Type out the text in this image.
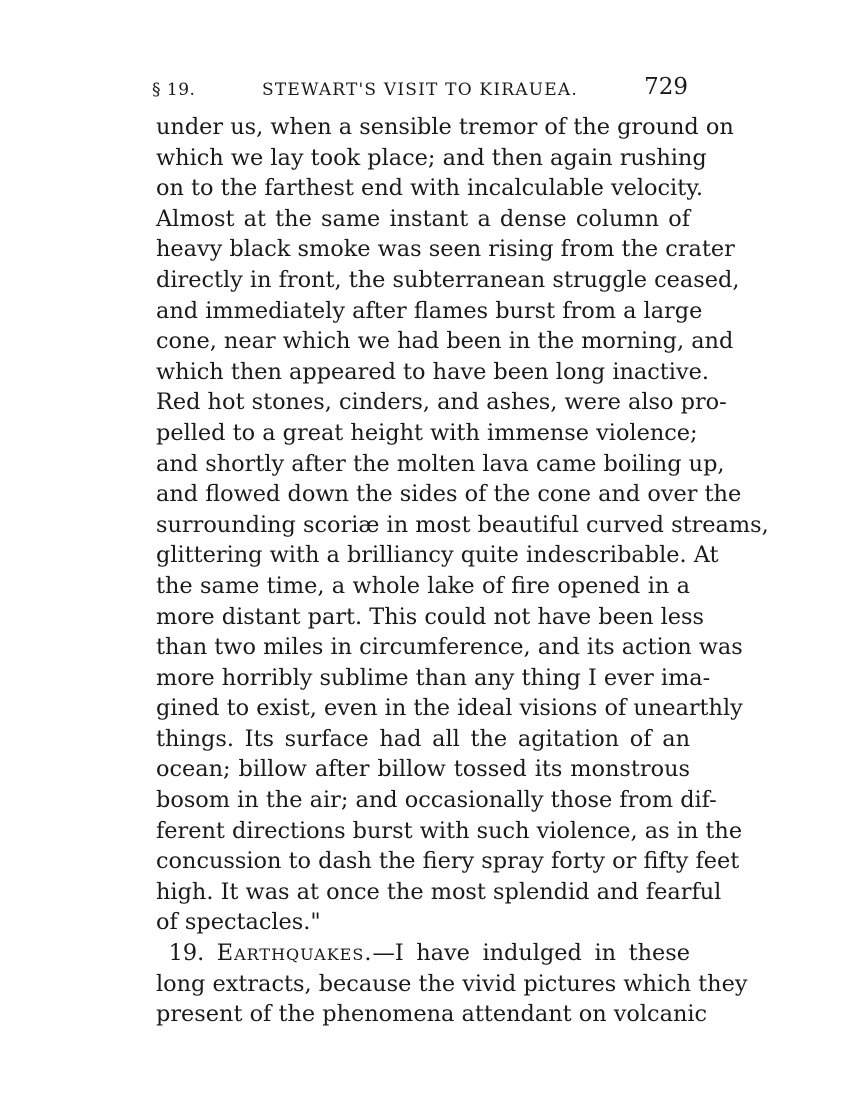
§ 19.	STEWART'S VISIT TO KIRAUEA.	729
under us, when a sensible tremor of the ground on
which we lay took place; and then again rushing
on to the farthest end with incalculable velocity.
Almost at the same instant a dense column of
heavy black smoke was seen rising from the crater
directly in front, the subterranean struggle ceased,
and immediately after flames burst from a large
cone, near which we had been in the morning, and
which then appeared to have been long inactive.
Red hot stones, cinders, and ashes, were also pro-
pelled to a great height with immense violence;
and shortly after the molten lava came boiling up,
and flowed down the sides of the cone and over the
surrounding scoriæ in most beautiful curved streams,
glittering with a brilliancy quite indescribable. At
the same time, a whole lake of fire opened in a
more distant part. This could not have been less
than two miles in circumference, and its action was
more horribly sublime than any thing I ever ima-
gined to exist, even in the ideal visions of unearthly
things. Its surface had all the agitation of an
ocean; billow after billow tossed its monstrous
bosom in the air; and occasionally those from dif-
ferent directions burst with such violence, as in the
concussion to dash the fiery spray forty or fifty feet
high. It was at once the most splendid and fearful
of spectacles."
19. Earthquakes.—I have indulged in these
long extracts, because the vivid pictures which they
present of the phenomena attendant on volcanic
